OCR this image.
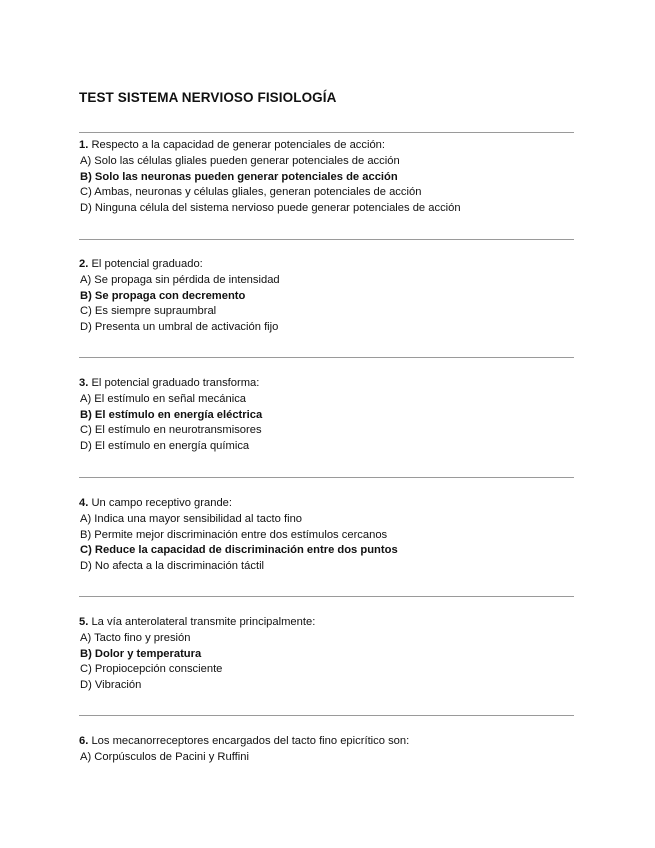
TEST SISTEMA NERVIOSO FISIOLOGÍA

1. Respecto a la capacidad de generar potenciales de acción:

A) Solo las células gliales pueden generar potenciales de acción
B) Solo las neuronas pueden generar potenciales de acción
C) Ambas, neuronas y células gliales, generan potenciales de acción
D) Ninguna célula del sistema nervioso puede generar potenciales de acción

2. El potencial graduado:

A) Se propaga sin pérdida de intensidad
B) Se propaga con decremento
C) Es siempre supraumbral
D) Presenta un umbral de activación fijo

3. El potencial graduado transforma:

A) El estímulo en señal mecánica
B) El estímulo en energía eléctrica
C) El estímulo en neurotransmisores
D) El estímulo en energía química

4. Un campo receptivo grande:

A) Indica una mayor sensibilidad al tacto fino
B) Permite mejor discriminación entre dos estímulos cercanos
C) Reduce la capacidad de discriminación entre dos puntos
D) No afecta a la discriminación táctil

5. La vía anterolateral transmite principalmente:

A) Tacto fino y presión
B) Dolor y temperatura
C) Propiocepción consciente
D) Vibración

6. Los mecanorreceptores encargados del tacto fino epicrítico son:

A) Corpúsculos de Pacini y Ruffini
